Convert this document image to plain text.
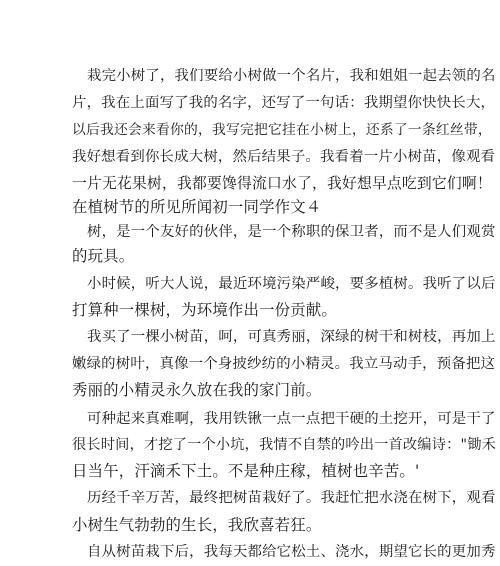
栽完小树了，我们要给小树做一个名片，我和姐姐一起去领的名
片，我在上面写了我的名字，还写了一句话：我期望你快快长大，
以后我还会来看你的，我写完把它挂在小树上，还系了一条红丝带，
我好想看到你长成大树，然后结果子。我看着一片小树苗，像观看
一片无花果树，我都要馋得流口水了，我好想早点吃到它们啊！
在植树节的所见所闻初一同学作文４
树，是一个友好的伙伴，是一个称职的保卫者，而不是人们观赏
的玩具。
小时候，听大人说，最近环境污染严峻，要多植树。我听了以后
打算种一棵树，为环境作出一份贡献。
我买了一棵小树苗，呵，可真秀丽，深绿的树干和树枝，再加上
嫩绿的树叶，真像一个身披纱纺的小精灵。我立马动手，预备把这
秀丽的小精灵永久放在我的家门前。
可种起来真难啊，我用铁锹一点一点把干硬的土挖开，可是干了
很长时间，才挖了一个小坑，我情不自禁的吟出一首改编诗："锄禾
日当午，汗滴禾下土。不是种庄稼，植树也辛苦。'
历经千辛万苦，最终把树苗栽好了。我赶忙把水浇在树下，观看
小树生气勃勃的生长，我欣喜若狂。
自从树苗栽下后，我每天都给它松土、浇水，期望它长的更加秀
